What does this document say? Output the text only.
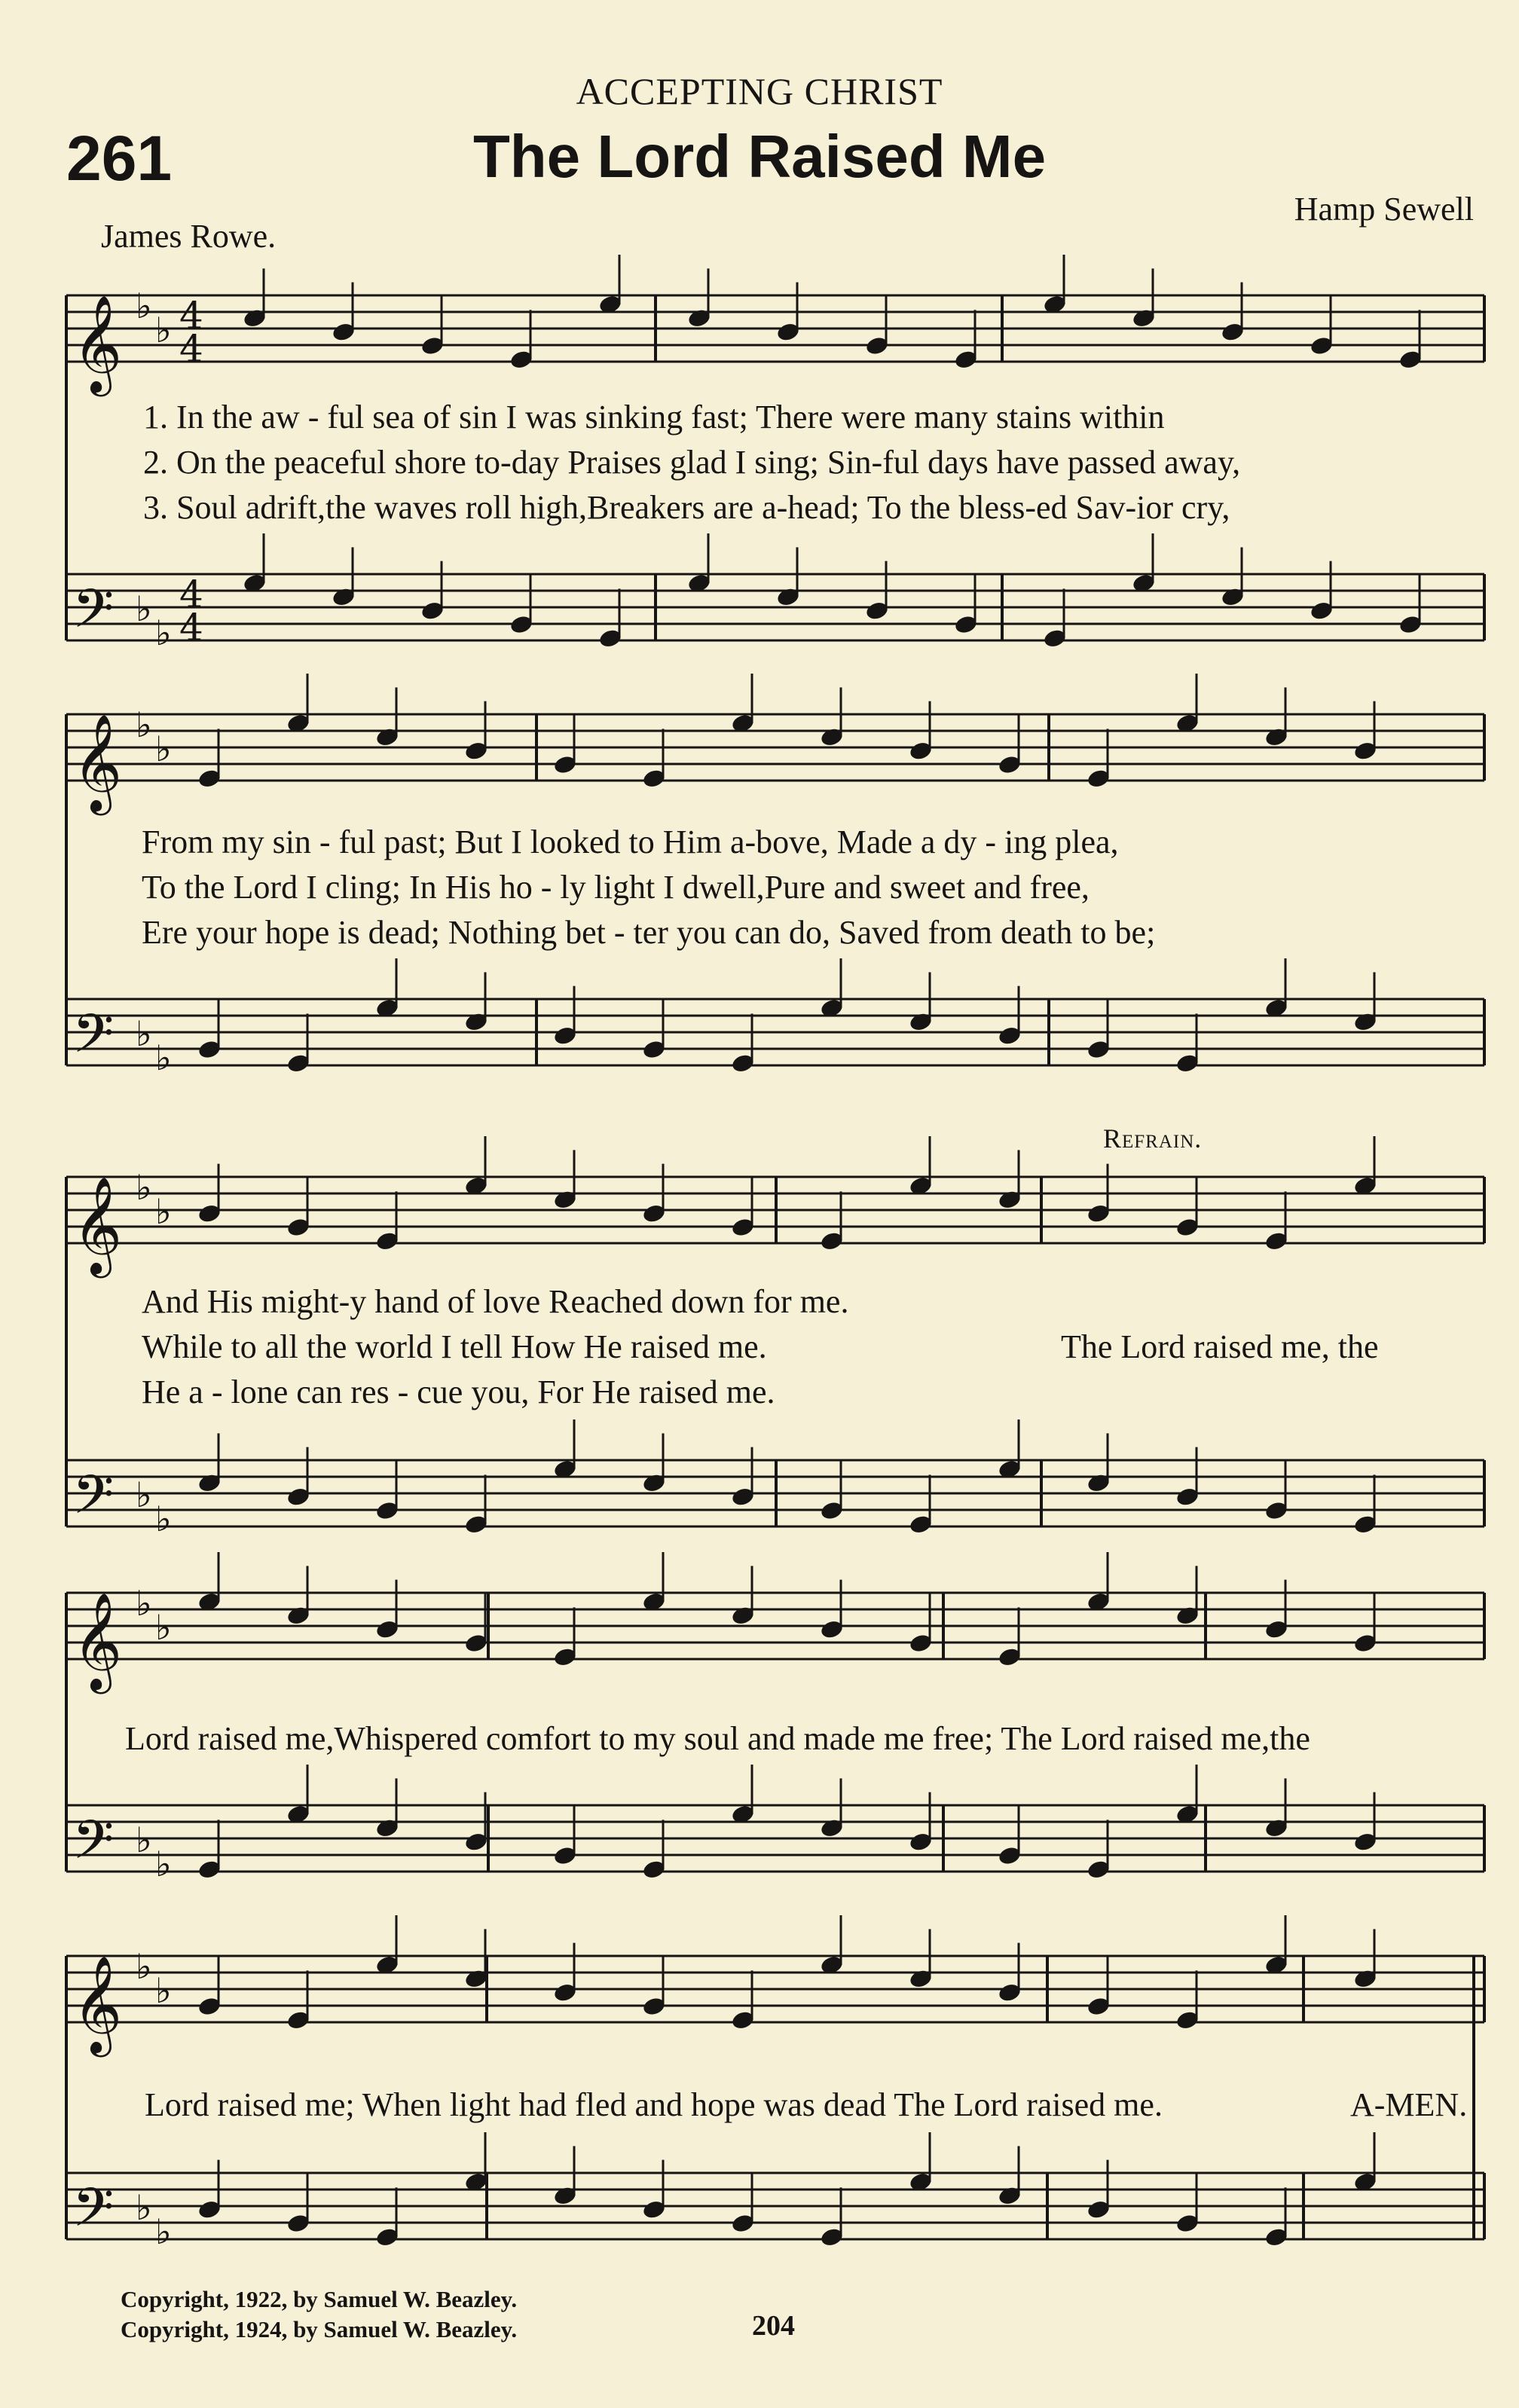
ACCEPTING CHRIST
261	The Lord Raised Me
Hamp Sewell
James Rowe.
𝄞 ♭
♭
𝄢 ♭
♭
4
4
4
4
𝄞 ♭
♭
𝄢 ♭
♭
𝄞 ♭
♭
𝄢 ♭
♭
𝄞 ♭
♭
𝄢 ♭
♭
𝄞 ♭
♭
𝄢 ♭
♭
1. In the aw - ful sea of sin I was sinking fast; There were many stains within
2. On the peaceful shore to-day Praises glad I sing; Sin-ful days have passed away,
3. Soul adrift,the waves roll high,Breakers are a-head; To the bless-ed Sav-ior cry,
From my sin - ful past; But I looked to Him a-bove, Made a dy - ing plea,
To the Lord I cling; In His ho - ly light I dwell,Pure and sweet and free,
Ere your hope is dead; Nothing bet - ter you can do, Saved from death to be;
Refrain.
And His might-y hand of love Reached down for me.
While to all the world I tell How He raised me.
He a - lone can res - cue you, For He raised me.
The Lord raised me, the
Lord raised me,Whispered comfort to my soul and made me free; The Lord raised me,the
Lord raised me; When light had fled and hope was dead The Lord raised me.	A-MEN.
Copyright, 1922, by Samuel W. Beazley.
Copyright, 1924, by Samuel W. Beazley.	204
